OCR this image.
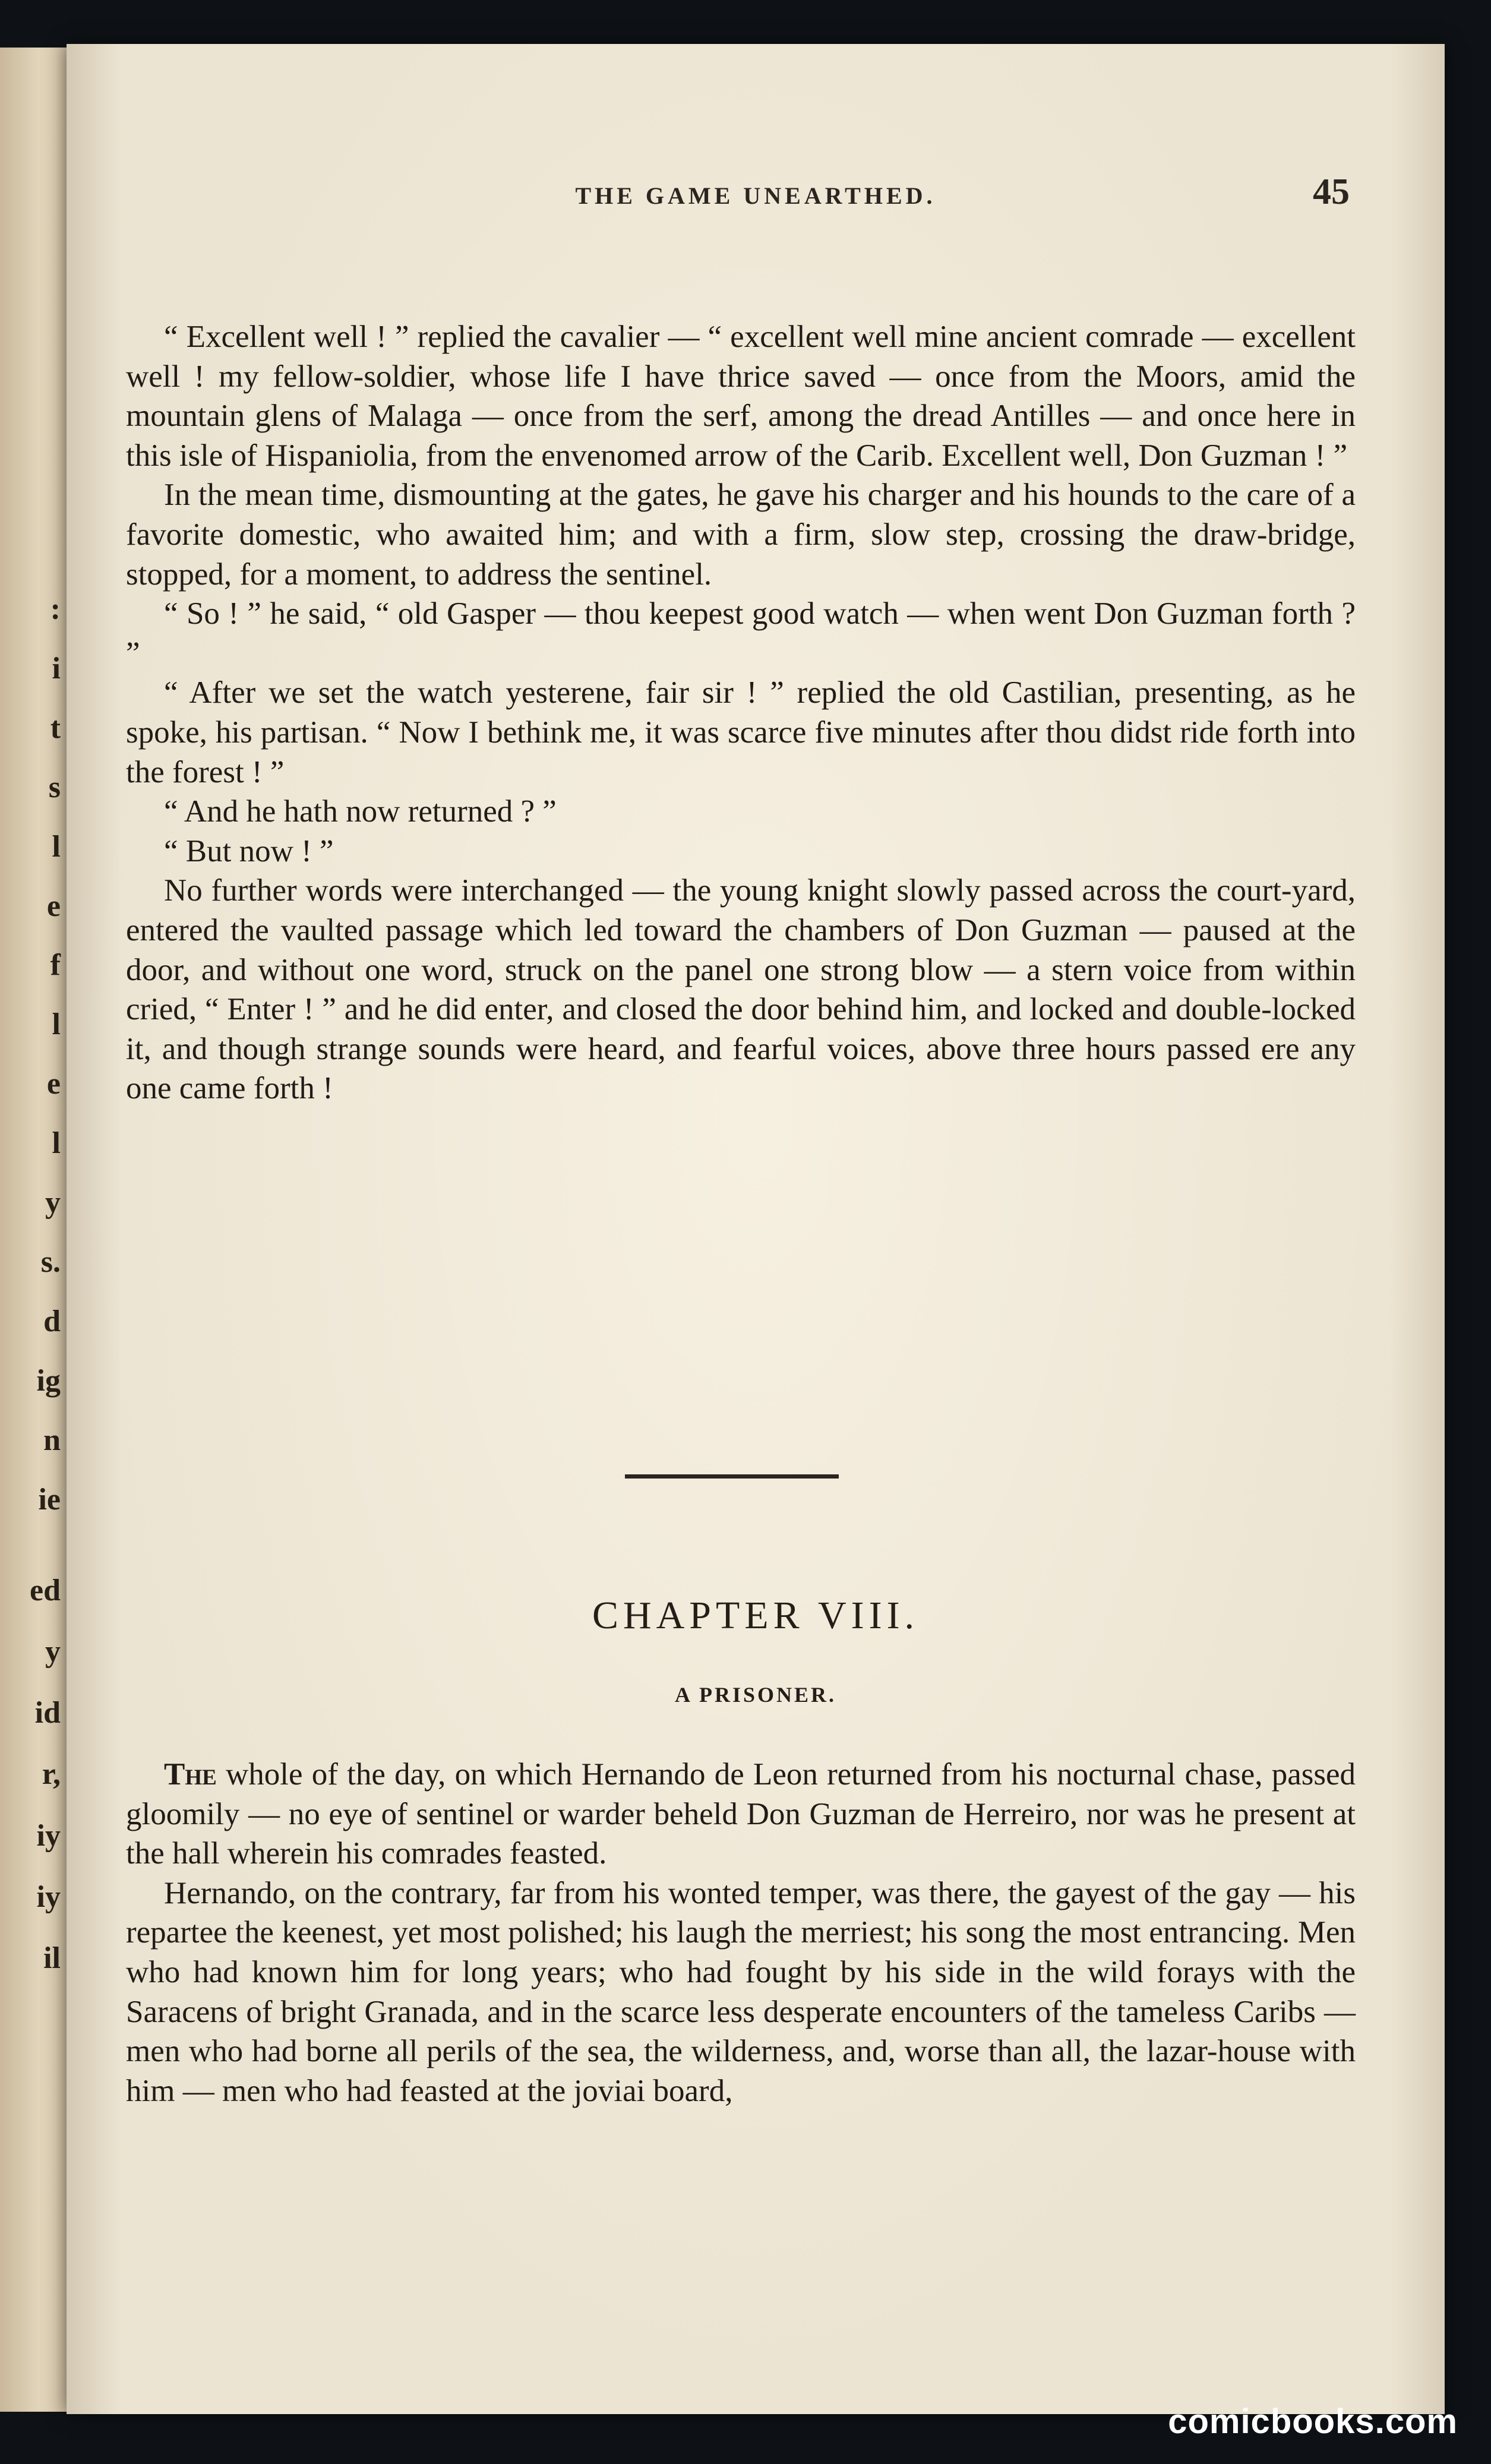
:
i
t
s
l
e
f
l
e
l
y
s.
d
ig
n
ie
ed
y
id
r,
iy
iy
il
THE GAME UNEARTHED.	45

“ Excellent well ! ” replied the cavalier — “ excellent well mine ancient comrade — excellent well ! my fellow-soldier, whose life I have thrice saved — once from the Moors, amid the mountain glens of Malaga — once from the serf, among the dread Antilles — and once here in this isle of Hispaniolia, from the envenomed arrow of the Carib. Excellent well, Don Guzman ! ”

In the mean time, dismounting at the gates, he gave his charger and his hounds to the care of a favorite domestic, who awaited him; and with a firm, slow step, crossing the draw-bridge, stopped, for a moment, to address the sentinel.

“ So ! ” he said, “ old Gasper — thou keepest good watch — when went Don Guzman forth ? ”

“ After we set the watch yesterene, fair sir ! ” replied the old Castilian, presenting, as he spoke, his partisan. “ Now I bethink me, it was scarce five minutes after thou didst ride forth into the forest ! ”

“ And he hath now returned ? ”

“ But now ! ”

No further words were interchanged — the young knight slowly passed across the court-yard, entered the vaulted passage which led toward the chambers of Don Guzman — paused at the door, and without one word, struck on the panel one strong blow — a stern voice from within cried, “ Enter ! ” and he did enter, and closed the door behind him, and locked and double-locked it, and though strange sounds were heard, and fearful voices, above three hours passed ere any one came forth !

CHAPTER VIII.
A PRISONER.

The whole of the day, on which Hernando de Leon returned from his nocturnal chase, passed gloomily — no eye of sentinel or warder beheld Don Guzman de Herreiro, nor was he present at the hall wherein his comrades feasted.

Hernando, on the contrary, far from his wonted temper, was there, the gayest of the gay — his repartee the keenest, yet most polished; his laugh the merriest; his song the most entrancing. Men who had known him for long years; who had fought by his side in the wild forays with the Saracens of bright Granada, and in the scarce less desperate encounters of the tameless Caribs — men who had borne all perils of the sea, the wilderness, and, worse than all, the lazar-house with him — men who had feasted at the joviai board,

comicbooks.com
